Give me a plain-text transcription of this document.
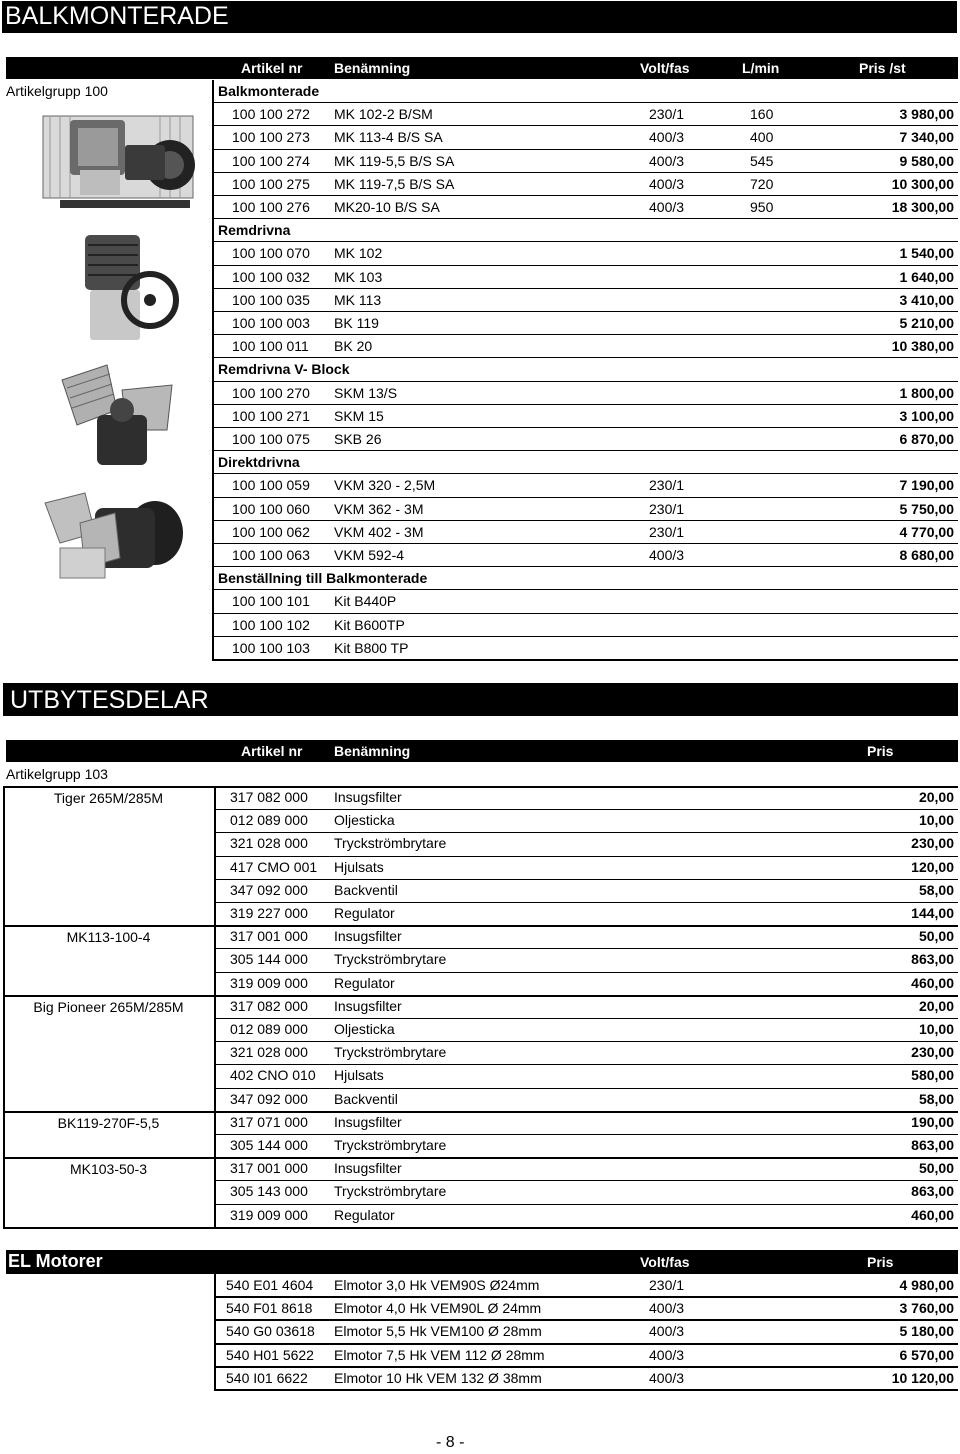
BALKMONTERADE
Artikel nr Benämning	Volt/fas	L/min	Pris /st
Artikelgrupp 100	Balkmonterade
100 100 272 MK 102-2 B/SM	230/1	160	3 980,00
100 100 273 MK 113-4 B/S SA	400/3	400	7 340,00
100 100 274 MK 119-5,5 B/S SA	400/3	545	9 580,00
100 100 275 MK 119-7,5 B/S SA	400/3	720	10 300,00
100 100 276 MK20-10 B/S SA	400/3	950	18 300,00
Remdrivna
100 100 070 MK 102	1 540,00
100 100 032 MK 103	1 640,00
100 100 035 MK 113	3 410,00
100 100 003 BK 119	5 210,00
100 100 011 BK 20	10 380,00
Remdrivna V- Block
100 100 270 SKM 13/S	1 800,00
100 100 271 SKM 15	3 100,00
100 100 075 SKB 26	6 870,00
Direktdrivna
100 100 059 VKM 320 - 2,5M	230/1	7 190,00
100 100 060 VKM 362 - 3M	230/1	5 750,00
100 100 062 VKM 402 - 3M	230/1	4 770,00
100 100 063 VKM 592-4	400/3	8 680,00
Benställning till Balkmonterade
100 100 101 Kit B440P
100 100 102 Kit B600TP
100 100 103 Kit B800 TP
UTBYTESDELAR
Artikel nr Benämning	Pris
Artikelgrupp 103
Tiger 265M/285M	317 082 000 Insugsfilter	20,00
012 089 000 Oljesticka	10,00
321 028 000 Tryckströmbrytare	230,00
417 CMO 001 Hjulsats	120,00
347 092 000 Backventil	58,00
319 227 000 Regulator	144,00
MK113-100-4	317 001 000 Insugsfilter	50,00
305 144 000 Tryckströmbrytare	863,00
319 009 000 Regulator	460,00
Big Pioneer 265M/285M	317 082 000 Insugsfilter	20,00
012 089 000 Oljesticka	10,00
321 028 000 Tryckströmbrytare	230,00
402 CNO 010 Hjulsats	580,00
347 092 000 Backventil	58,00
BK119-270F-5,5	317 071 000 Insugsfilter	190,00
305 144 000 Tryckströmbrytare	863,00
MK103-50-3	317 001 000 Insugsfilter	50,00
305 143 000 Tryckströmbrytare	863,00
319 009 000 Regulator	460,00
EL Motorer	Volt/fas	Pris
540 E01 4604 Elmotor 3,0 Hk VEM90S Ø24mm	230/1	4 980,00
540 F01 8618 Elmotor 4,0 Hk VEM90L Ø 24mm	400/3	3 760,00
540 G0 03618 Elmotor 5,5 Hk VEM100 Ø 28mm	400/3	5 180,00
540 H01 5622 Elmotor 7,5 Hk VEM 112 Ø 28mm	400/3	6 570,00
540 I01 6622 Elmotor 10 Hk VEM 132 Ø 38mm	400/3	10 120,00
- 8 -
